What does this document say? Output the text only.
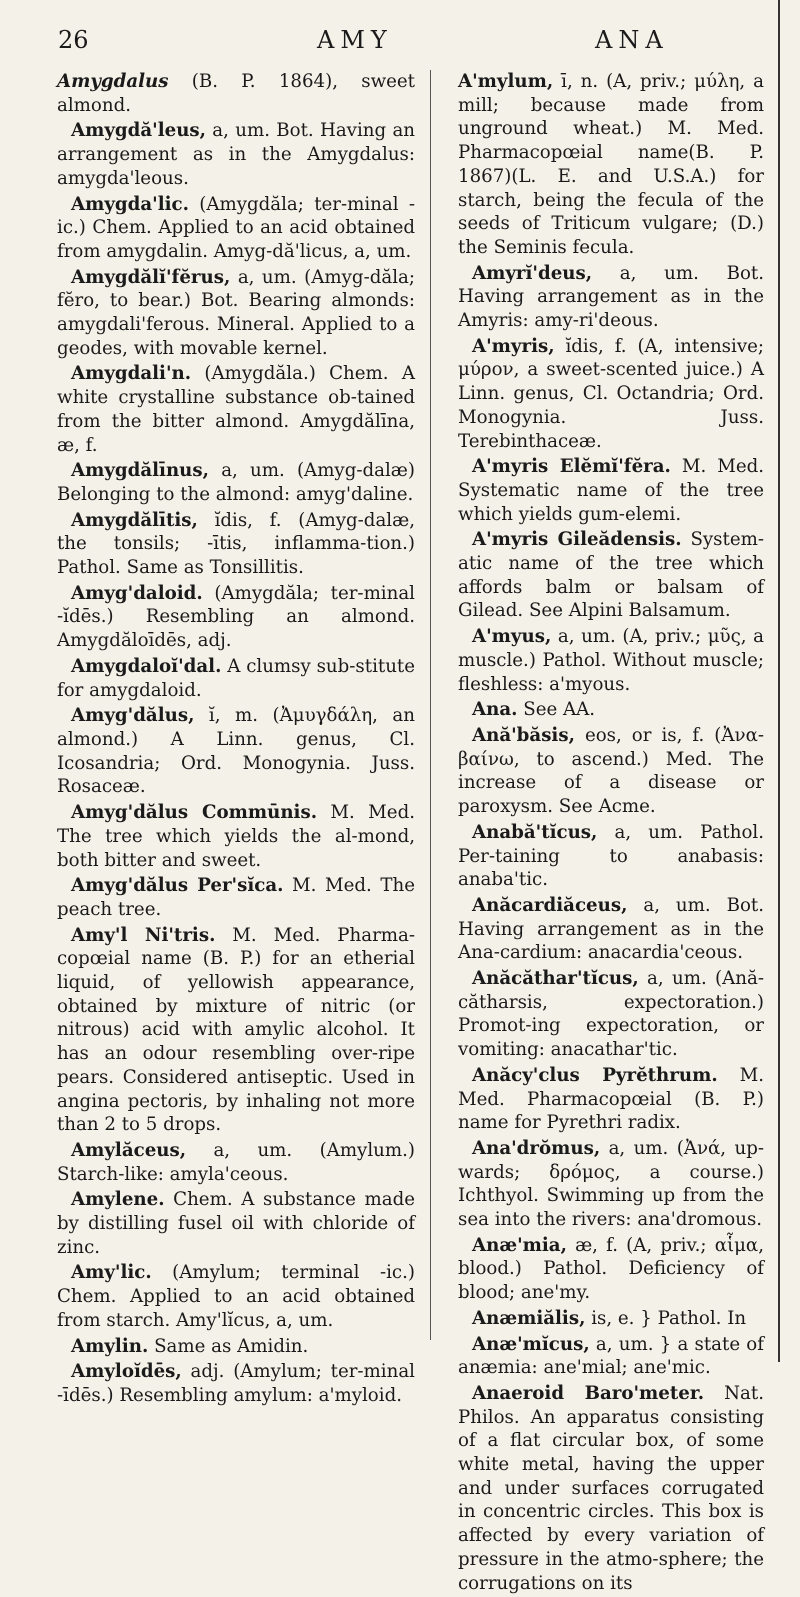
26	AMY	ANA

Amygdalus (B. P. 1864), sweet almond.

Amygdă'leus, a, um. Bot. Having an arrangement as in the Amygdalus: amygda'leous.

Amygda'lic. (Amygdăla; ter-minal -ic.) Chem. Applied to an acid obtained from amygdalin. Amyg-dă'licus, a, um.

Amygdălĭ'fĕrus, a, um. (Amyg-dăla; fĕro, to bear.) Bot. Bearing almonds: amygdali'ferous. Mineral. Applied to a geodes, with movable kernel.

Amygdali'n. (Amygdăla.) Chem. A white crystalline substance ob-tained from the bitter almond. Amygdălīna, æ, f.

Amygdălīnus, a, um. (Amyg-dalæ) Belonging to the almond: amyg'daline.

Amygdălītis, ĭdis, f. (Amyg-dalæ, the tonsils; -ītis, inflamma-tion.) Pathol. Same as Tonsillitis.

Amyg'daloid. (Amygdăla; ter-minal -ĭdēs.) Resembling an almond. Amygdăloīdēs, adj.

Amygdaloĭ'dal. A clumsy sub-stitute for amygdaloid.

Amyg'dălus, ĭ, m. (Ἀμυγδάλη, an almond.) A Linn. genus, Cl. Icosandria; Ord. Monogynia. Juss. Rosaceæ.

Amyg'dălus Commūnis. M. Med. The tree which yields the al-mond, both bitter and sweet.

Amyg'dălus Per'sĭca. M. Med. The peach tree.

Amy'l Ni'tris. M. Med. Pharma-copœial name (B. P.) for an etherial liquid, of yellowish appearance, obtained by mixture of nitric (or nitrous) acid with amylic alcohol. It has an odour resembling over-ripe pears. Considered antiseptic. Used in angina pectoris, by inhaling not more than 2 to 5 drops.

Amylăceus, a, um. (Amylum.) Starch-like: amyla'ceous.

Amylene. Chem. A substance made by distilling fusel oil with chloride of zinc.

Amy'lic. (Amylum; terminal -ic.) Chem. Applied to an acid obtained from starch. Amy'lĭcus, a, um.

Amylin. Same as Amidin.

Amyloĭdēs, adj. (Amylum; ter-minal -īdēs.) Resembling amylum: a'myloid.

A'mylum, ī, n. (A, priv.; μύλη, a mill; because made from unground wheat.) M. Med. Pharmacopœial name(B. P. 1867)(L. E. and U.S.A.) for starch, being the fecula of the seeds of Triticum vulgare; (D.) the Seminis fecula.

Amyrĭ'deus, a, um. Bot. Having arrangement as in the Amyris: amy-ri'deous.

A'myris, ĭdis, f. (A, intensive; μύρον, a sweet-scented juice.) A Linn. genus, Cl. Octandria; Ord. Monogynia. Juss. Terebinthaceæ.

A'myris Elĕmĭ'fĕra. M. Med. Systematic name of the tree which yields gum-elemi.

A'myris Gileădensis. System-atic name of the tree which affords balm or balsam of Gilead. See Alpini Balsamum.

A'myus, a, um. (A, priv.; μῦς, a muscle.) Pathol. Without muscle; fleshless: a'myous.

Ana. See AA.

Ană'băsis, eos, or is, f. (Ἀνα-βαίνω, to ascend.) Med. The increase of a disease or paroxysm. See Acme.

Anabă'tĭcus, a, um. Pathol. Per-taining to anabasis: anaba'tic.

Anăcardiăceus, a, um. Bot. Having arrangement as in the Ana-cardium: anacardia'ceous.

Anăcăthar'tĭcus, a, um. (Ană-cătharsis, expectoration.) Promot-ing expectoration, or vomiting: anacathar'tic.

Anăcy'clus Pyrĕthrum. M. Med. Pharmacopœial (B. P.) name for Pyrethri radix.

Ana'drŏmus, a, um. (Ἀνά, up-wards; δρόμος, a course.) Ichthyol. Swimming up from the sea into the rivers: ana'dromous.

Anæ'mia, æ, f. (A, priv.; αἷμα, blood.) Pathol. Deficiency of blood; ane'my.

Anæmiălis, is, e. } Pathol. In

Anæ'mĭcus, a, um. } a state of anæmia: ane'mial; ane'mic.

Anaeroid Baro'meter. Nat. Philos. An apparatus consisting of a flat circular box, of some white metal, having the upper and under surfaces corrugated in concentric circles. This box is affected by every variation of pressure in the atmo-sphere; the corrugations on its
